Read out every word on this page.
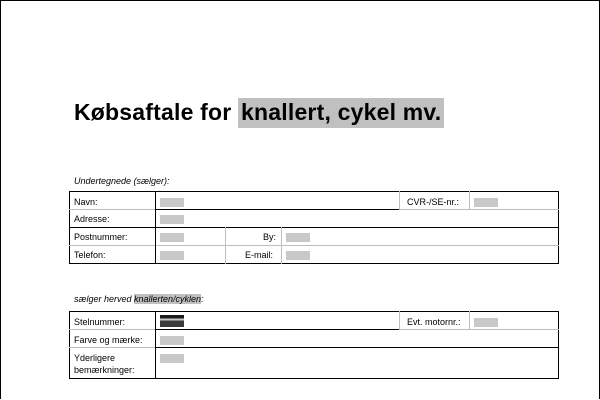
Købsaftale for knallert, cykel mv.
Undertegnede (sælger):
Navn:	CVR-/SE-nr.:
Adresse:
Postnummer:	By:
Telefon:	E-mail:
sælger herved knallerten/cyklen:
Stelnummer:	Evt. motornr.:
Farve og mærke:
Yderligere
bemærkninger:
